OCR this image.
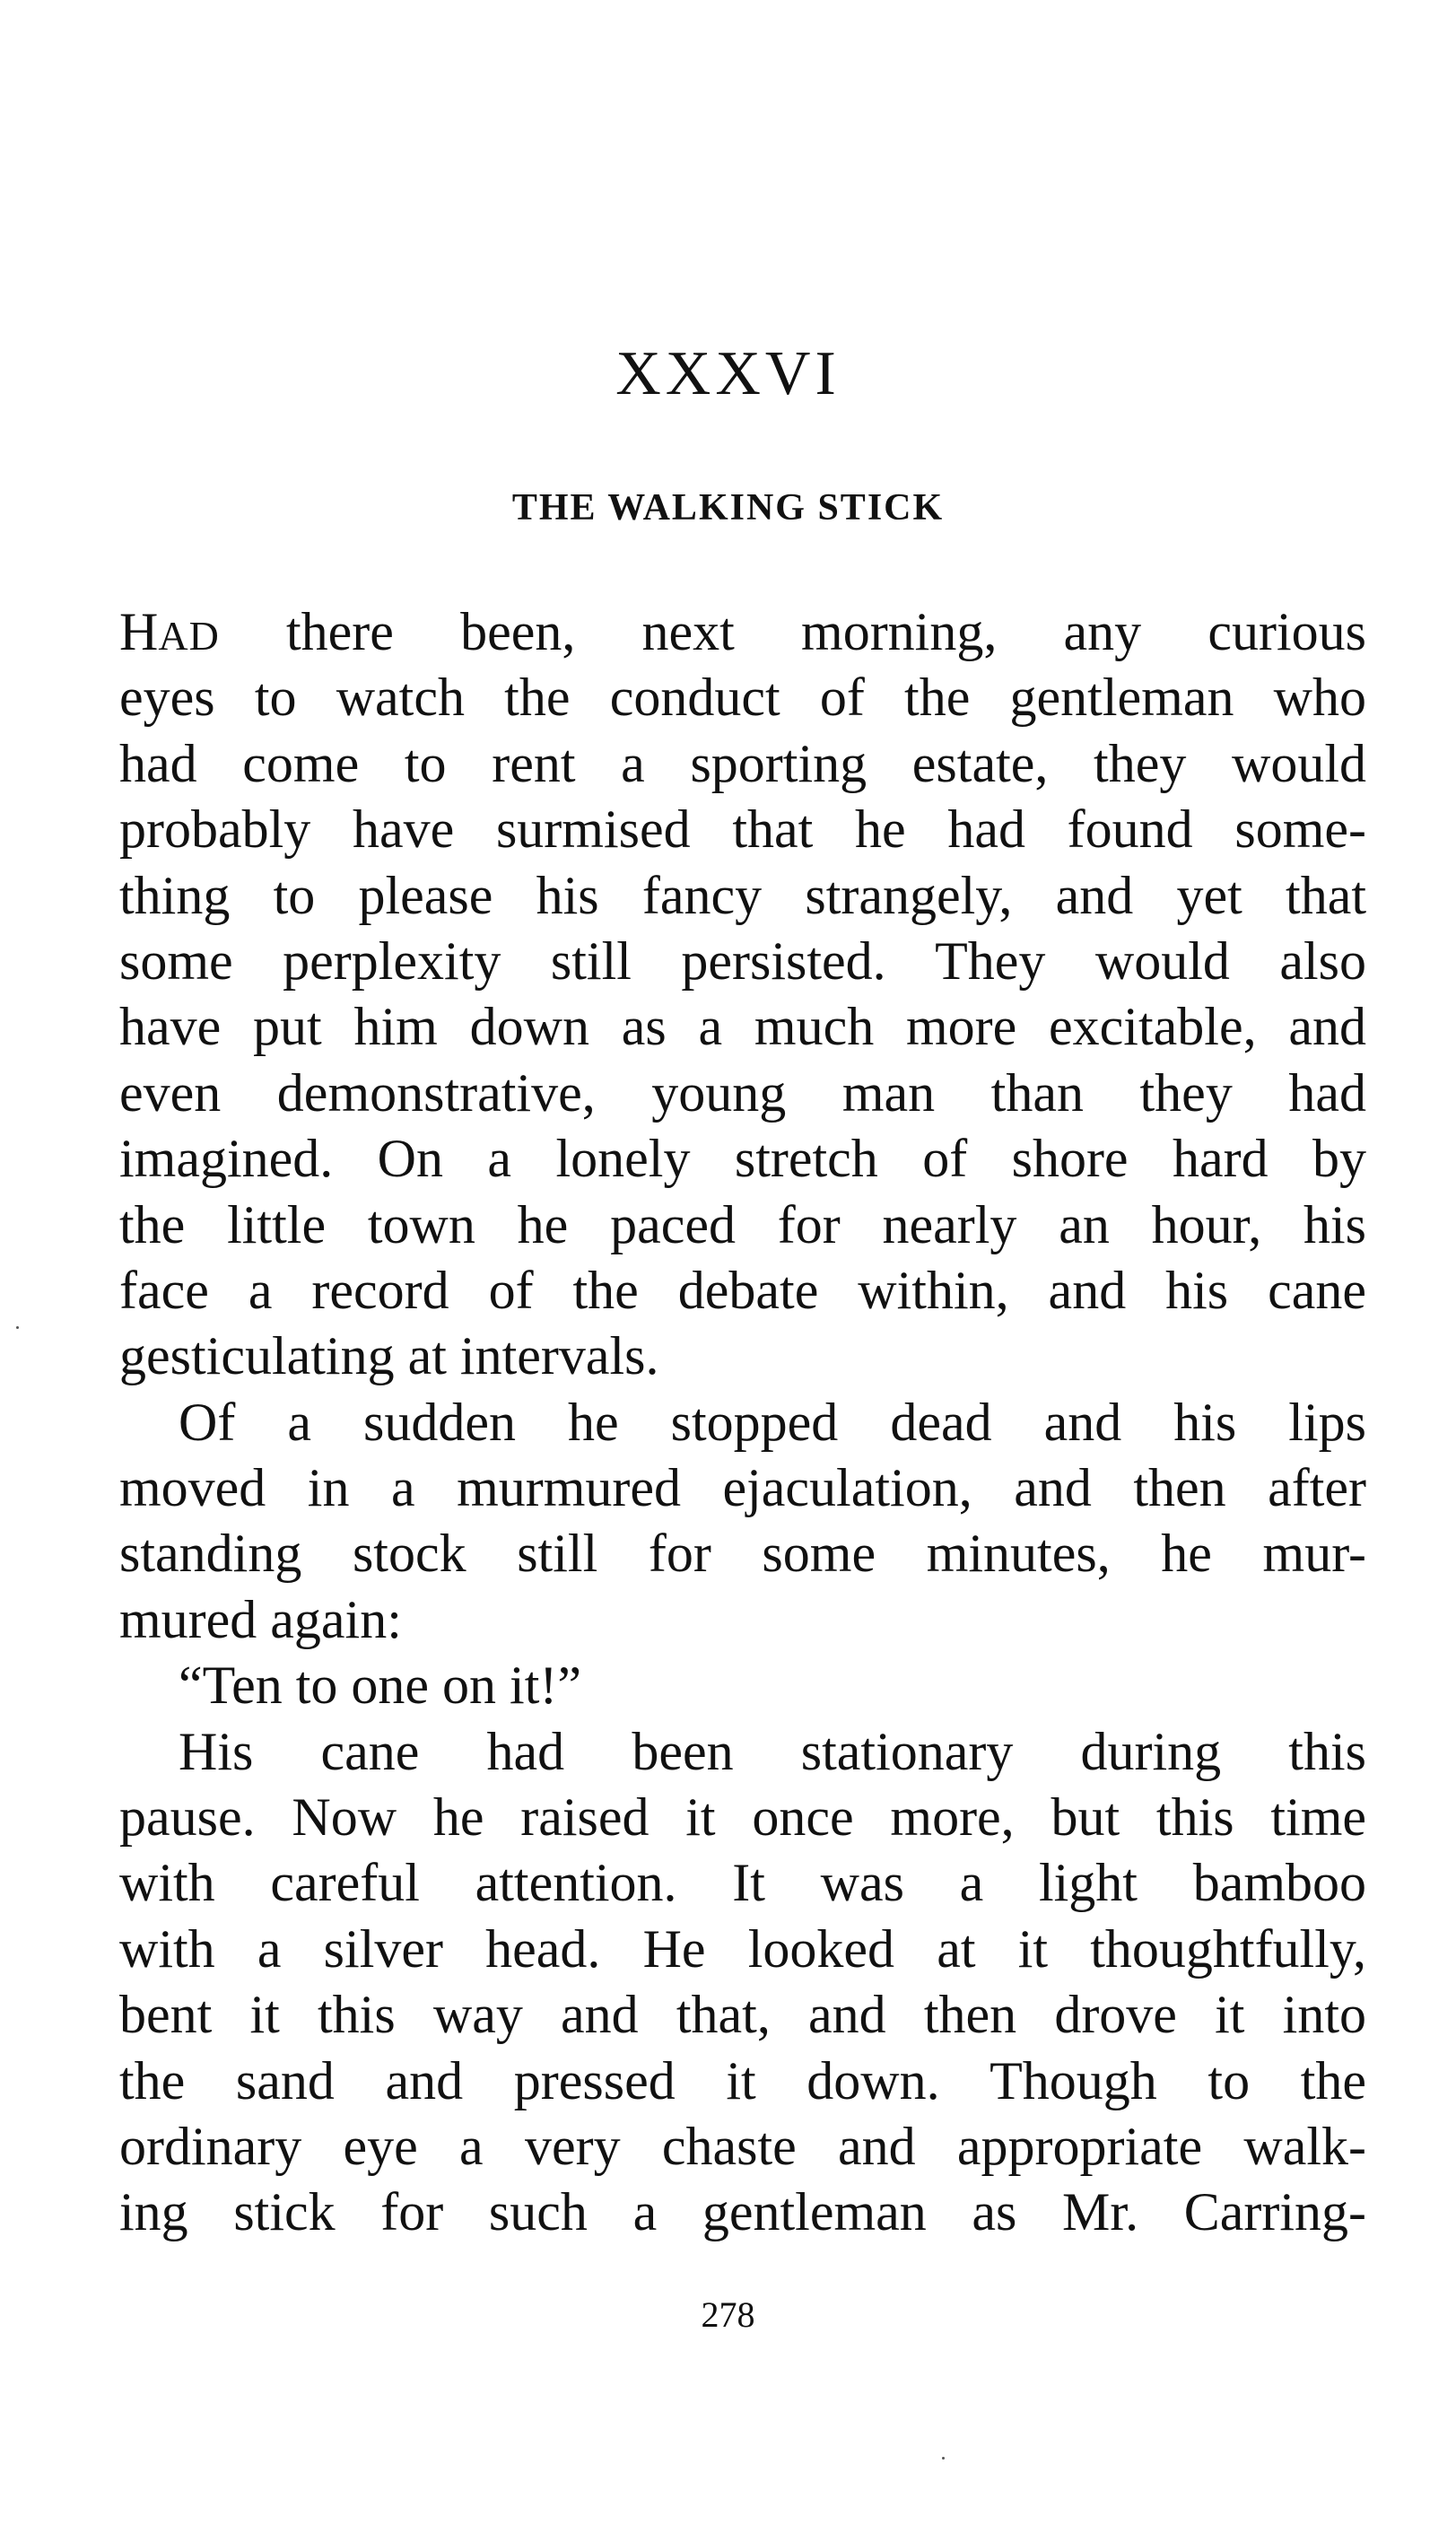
XXXVI
THE WALKING STICK
HAD there been, next morning, any curious
eyes to watch the conduct of the gentleman who
had come to rent a sporting estate, they would
probably have surmised that he had found some-
thing to please his fancy strangely, and yet that
some perplexity still persisted. They would also
have put him down as a much more excitable, and
even demonstrative, young man than they had
imagined. On a lonely stretch of shore hard by
the little town he paced for nearly an hour, his
face a record of the debate within, and his cane
gesticulating at intervals.
Of a sudden he stopped dead and his lips
moved in a murmured ejaculation, and then after
standing stock still for some minutes, he mur-
mured again:
“Ten to one on it!”
His cane had been stationary during this
pause. Now he raised it once more, but this time
with careful attention. It was a light bamboo
with a silver head. He looked at it thoughtfully,
bent it this way and that, and then drove it into
the sand and pressed it down. Though to the
ordinary eye a very chaste and appropriate walk-
ing stick for such a gentleman as Mr. Carring-
278
